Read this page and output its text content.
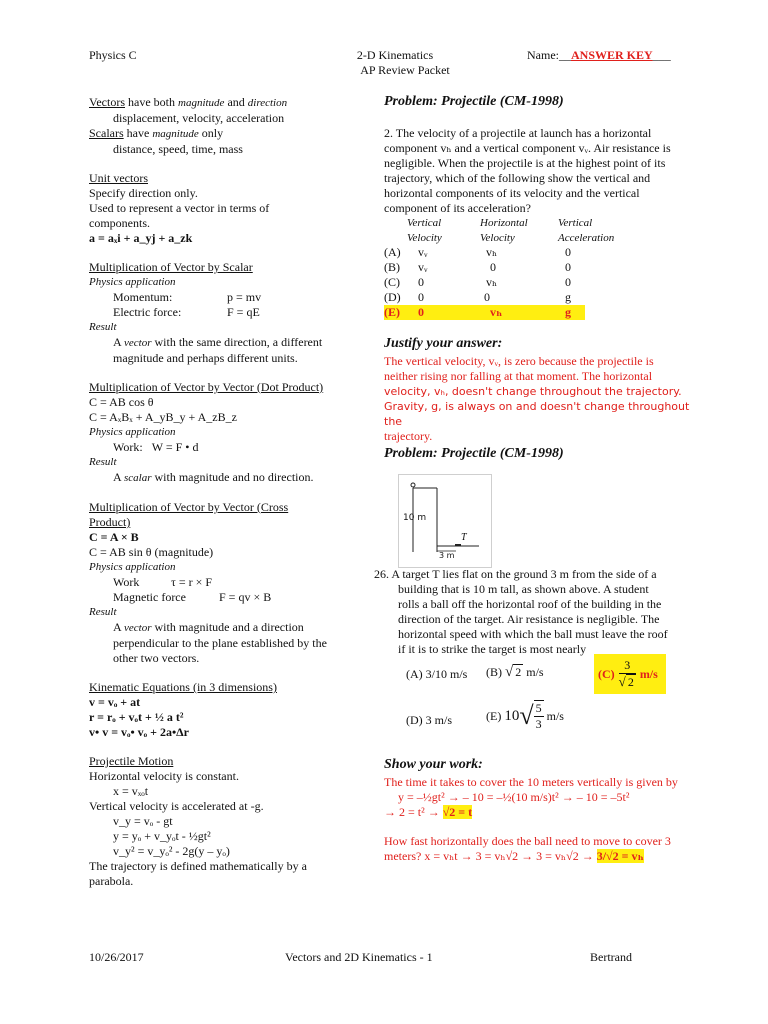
Physics C	2-D Kinematics
AP Review Packet
Name:__ANSWER KEY___
Vectors have both magnitude and direction
displacement, velocity, acceleration
Scalars have magnitude only
distance, speed, time, mass
Unit vectors
Specify direction only.
Used to represent a vector in terms of
components.
a = aₓi + a_yj + a_zk
Multiplication of Vector by Scalar
Physics application
Momentum:	p = mv
Electric force:	F = qE
Result
A vector with the same direction, a different
magnitude and perhaps different units.
Multiplication of Vector by Vector (Dot Product)
C = AB cos θ
C = AₓBₓ + A_yB_y + A_zB_z
Physics application
Work: W = F • d
Result
A scalar with magnitude and no direction.
Multiplication of Vector by Vector (Cross
Product)
C = A × B
C = AB sin θ (magnitude)
Physics application
Work	τ = r × F
Magnetic force	F = qv × B
Result
A vector with magnitude and a direction
perpendicular to the plane established by the
other two vectors.
Kinematic Equations (in 3 dimensions)
v = vₒ + at
r = rₒ + vₒt + ½ a t²
v• v = vₒ• vₒ + 2a•Δr
Projectile Motion
Horizontal velocity is constant.
x = vₓₒt
Vertical velocity is accelerated at -g.
v_y = vₒ - gt
y = yₒ + v_yₒt - ½gt²
v_y² = v_yₒ² - 2g(y – yₒ)
The trajectory is defined mathematically by a
parabola.
Problem: Projectile (CM-1998)
2. The velocity of a projectile at launch has a horizontal
component vₕ and a vertical component vᵥ. Air resistance is
negligible. When the projectile is at the highest point of its
trajectory, which of the following show the vertical and
horizontal components of its velocity and the vertical
component of its acceleration?
Vertical
Velocity
Horizontal
Velocity
Vertical
Acceleration
(A) vᵥ	vₕ	0
(B) vᵥ	0	0
(C) 0	vₕ	0
(D) 0	0	g
(E) 0	vₕ	g
Justify your answer:
The vertical velocity, vᵥ, is zero because the projectile is
neither rising nor falling at that moment. The horizontal
velocity, vₕ, doesn't change throughout the trajectory.
Gravity, g, is always on and doesn't change throughout the
trajectory.
Problem: Projectile (CM-1998)
10 m
T
3 m
26. A target T lies flat on the ground 3 m from the side of a
building that is 10 m tall, as shown above. A student
rolls a ball off the horizontal roof of the building in the
direction of the target. Air resistance is negligible. The
horizontal speed with which the ball must leave the roof
if it is to strike the target is most nearly
(A) 3/10 m/s (B) √ 2 m/s	$(C) \frac{3}{√ 2} m/s$
(D) 3 m/s	(E)
10 √ $\frac{5}{3}$
m/s
Show your work:
The time it takes to cover the 10 meters vertically is given by
y = –½gt² → – 10 = –½(10 m/s)t² → – 10 = –5t²
→ 2 = t² → √2 = t
How fast horizontally does the ball need to move to cover 3
meters? x = vₕt → 3 = vₕ√2 → 3 = vₕ√2 → 3/√2 = vₕ
10/26/2017	Vectors and 2D Kinematics - 1	Bertrand
